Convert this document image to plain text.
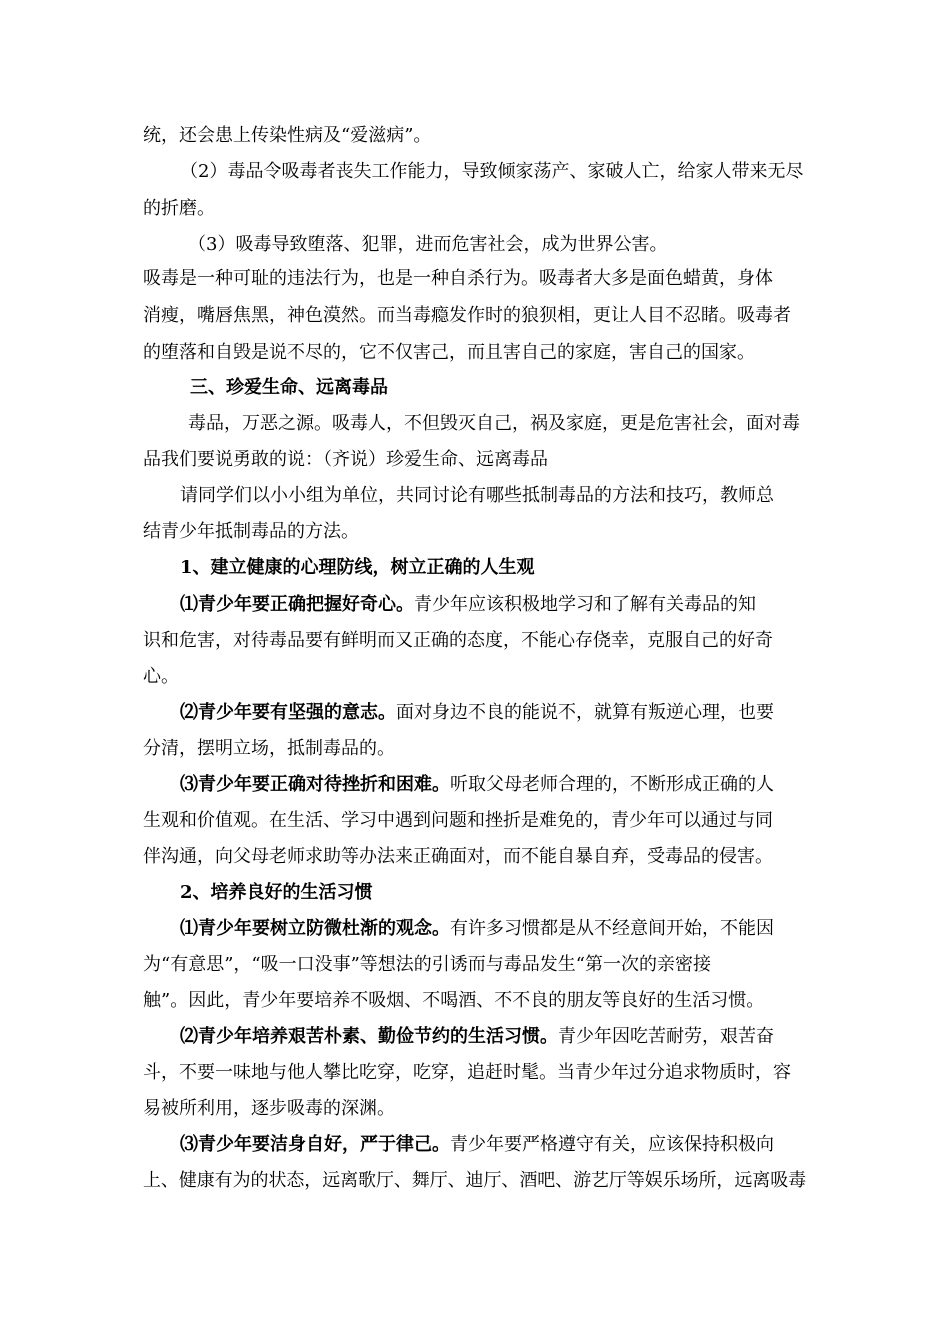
统，还会患上传染性病及“爱滋病”。
（2）毒品令吸毒者丧失工作能力，导致倾家荡产、家破人亡，给家人带来无尽
的折磨。
（3）吸毒导致堕落、犯罪，进而危害社会，成为世界公害。
吸毒是一种可耻的违法行为，也是一种自杀行为。吸毒者大多是面色蜡黄，身体
消瘦，嘴唇焦黑，神色漠然。而当毒瘾发作时的狼狈相，更让人目不忍睹。吸毒者
的堕落和自毁是说不尽的，它不仅害己，而且害自己的家庭，害自己的国家。
三、珍爱生命、远离毒品
毒品，万恶之源。吸毒人，不但毁灭自己，祸及家庭，更是危害社会，面对毒
品我们要说勇敢的说：（齐说）珍爱生命、远离毒品
请同学们以小小组为单位，共同讨论有哪些抵制毒品的方法和技巧，教师总
结青少年抵制毒品的方法。
1、建立健康的心理防线，树立正确的人生观
⑴青少年要正确把握好奇心。青少年应该积极地学习和了解有关毒品的知
识和危害，对待毒品要有鲜明而又正确的态度，不能心存侥幸，克服自己的好奇
心。
⑵青少年要有坚强的意志。面对身边不良的能说不，就算有叛逆心理，也要
分清，摆明立场，抵制毒品的。
⑶青少年要正确对待挫折和困难。听取父母老师合理的，不断形成正确的人
生观和价值观。在生活、学习中遇到问题和挫折是难免的，青少年可以通过与同
伴沟通，向父母老师求助等办法来正确面对，而不能自暴自弃，受毒品的侵害。
2、培养良好的生活习惯
⑴青少年要树立防微杜渐的观念。有许多习惯都是从不经意间开始，不能因
为“有意思”，“吸一口没事”等想法的引诱而与毒品发生“第一次的亲密接
触”。因此，青少年要培养不吸烟、不喝酒、不不良的朋友等良好的生活习惯。
⑵青少年培养艰苦朴素、勤俭节约的生活习惯。青少年因吃苦耐劳，艰苦奋
斗，不要一味地与他人攀比吃穿，吃穿，追赶时髦。当青少年过分追求物质时，容
易被所利用，逐步吸毒的深渊。
⑶青少年要洁身自好，严于律己。青少年要严格遵守有关，应该保持积极向
上、健康有为的状态，远离歌厅、舞厅、迪厅、酒吧、游艺厅等娱乐场所，远离吸毒
